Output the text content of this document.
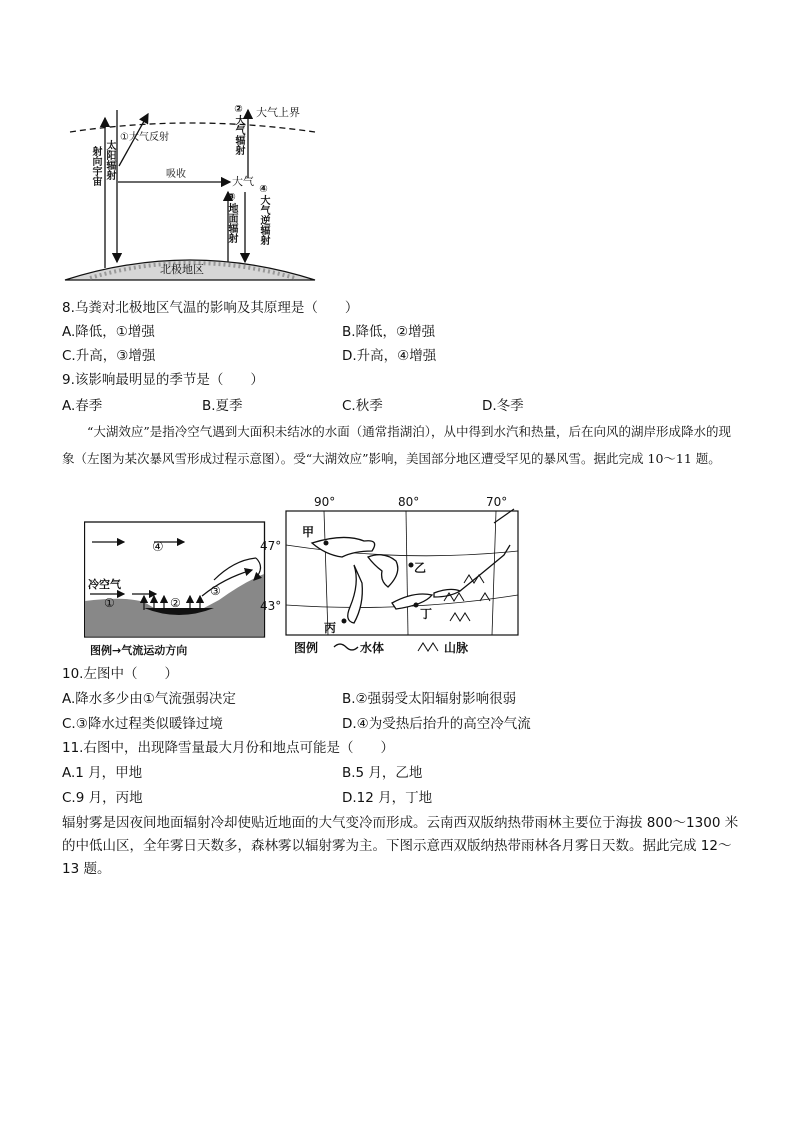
大气上界
①大气反射
太阳辐射
射向宇宙	吸收
大气
②大气辐射
③地面辐射 ④大气逆辐射
北极地区
8.乌粪对北极地区气温的影响及其原理是（　　）
A.降低，①增强	B.降低，②增强
C.升高，③增强	D.升高，④增强
9.该影响最明显的季节是（　　）
A.春季	B.夏季	C.秋季	D.冬季
“大湖效应”是指冷空气遇到大面积未结冰的水面（通常指湖泊），从中得到水汽和热量，后在向风的湖岸形成降水的现象（左图为某次暴风雪形成过程示意图）。受“大湖效应”影响，美国部分地区遭受罕见的暴风雪。据此完成 10～11 题。
④
冷空气
①	②
③
图例→气流运动方向
90°	80°	70°
47°
43°
甲
乙
丙
丁
图例	水体	山脉
10.左图中（　　）
A.降水多少由①气流强弱决定	B.②强弱受太阳辐射影响很弱
C.③降水过程类似暖锋过境	D.④为受热后抬升的高空冷气流
11.右图中，出现降雪量最大月份和地点可能是（　　）
A.1 月，甲地	B.5 月，乙地
C.9 月，丙地	D.12 月，丁地
辐射雾是因夜间地面辐射冷却使贴近地面的大气变冷而形成。云南西双版纳热带雨林主要位于海拔 800～1300 米的中低山区，全年雾日天数多，森林雾以辐射雾为主。下图示意西双版纳热带雨林各月雾日天数。据此完成 12～13 题。
